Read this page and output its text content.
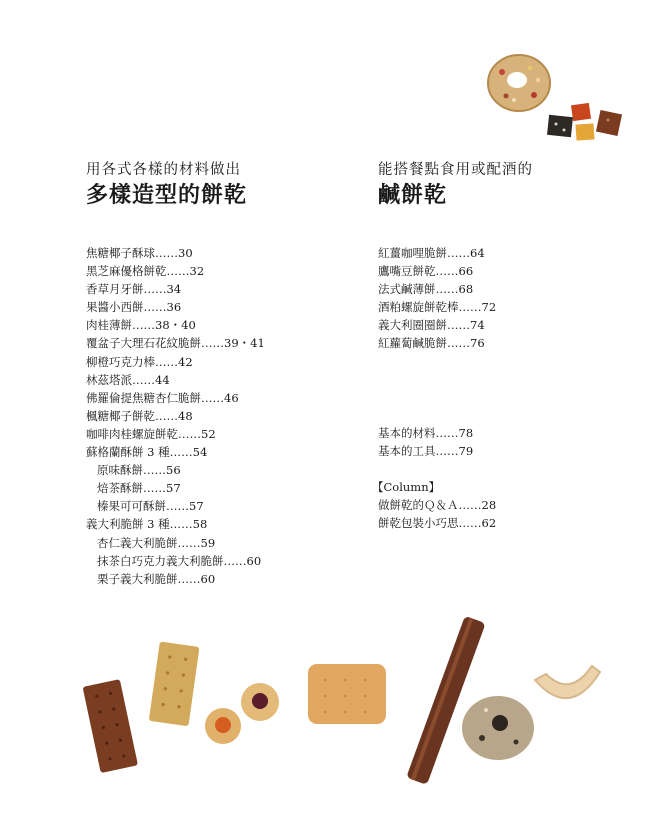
用各式各樣的材料做出
多樣造型的餅乾
焦糖椰子酥球……30
黑芝麻優格餅乾……32
香草月牙餅……34
果醬小西餅……36
肉桂薄餅……38・40
覆盆子大理石花紋脆餅……39・41
柳橙巧克力棒……42
林茲塔派……44
佛羅倫提焦糖杏仁脆餅……46
楓糖椰子餅乾……48
咖啡肉桂螺旋餅乾……52
蘇格蘭酥餅 3 種……54
原味酥餅……56
焙茶酥餅……57
榛果可可酥餅……57
義大利脆餅 3 種……58
杏仁義大利脆餅……59
抹茶白巧克力義大利脆餅……60
栗子義大利脆餅……60
能搭餐點食用或配酒的
鹹餅乾
紅薑咖哩脆餅……64
鷹嘴豆餅乾……66
法式鹹薄餅……68
酒粕螺旋餅乾棒……72
義大利圈圈餅……74
紅蘿蔔鹹脆餅……76
基本的材料……78
基本的工具……79
【Column】
做餅乾的Ｑ＆Ａ……28
餅乾包裝小巧思……62
